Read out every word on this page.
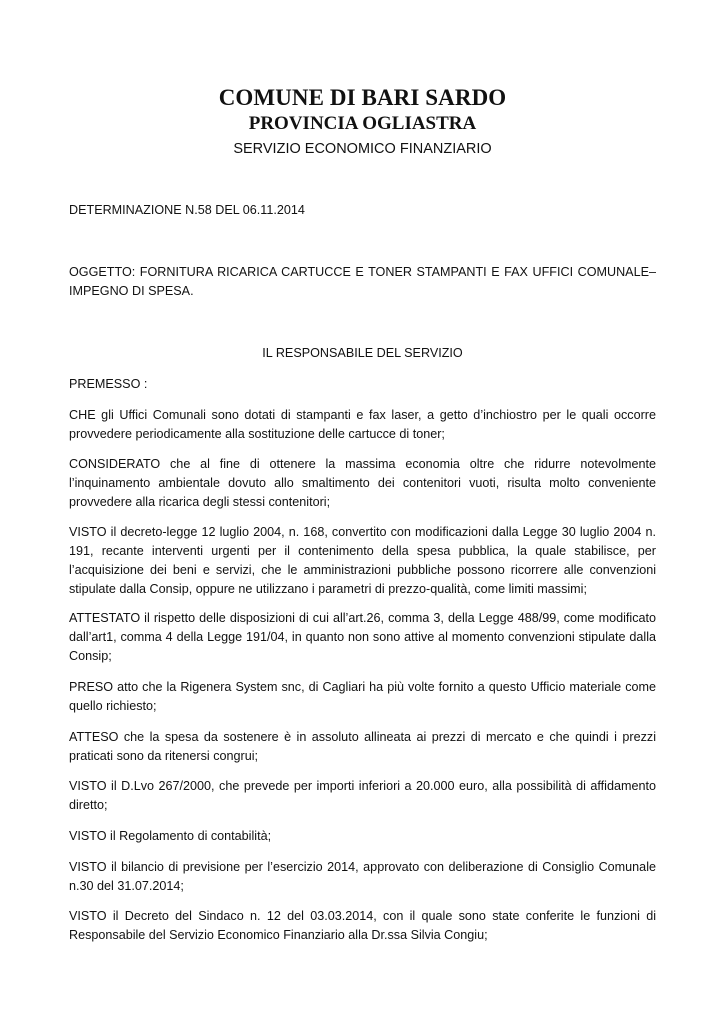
COMUNE DI BARI SARDO
PROVINCIA OGLIASTRA
SERVIZIO ECONOMICO FINANZIARIO

DETERMINAZIONE N.58 DEL 06.11.2014

OGGETTO: FORNITURA RICARICA CARTUCCE E TONER STAMPANTI E FAX UFFICI COMUNALE–IMPEGNO DI SPESA.

IL RESPONSABILE DEL SERVIZIO

PREMESSO :

CHE gli Uffici Comunali sono dotati di stampanti e fax laser, a getto d’inchiostro per le quali occorre provvedere periodicamente alla sostituzione delle cartucce di toner;

CONSIDERATO che al fine di ottenere la massima economia oltre che ridurre notevolmente l’inquinamento ambientale dovuto allo smaltimento dei contenitori vuoti, risulta molto conveniente provvedere alla ricarica degli stessi contenitori;

VISTO il decreto-legge 12 luglio 2004, n. 168, convertito con modificazioni dalla Legge 30 luglio 2004 n. 191, recante interventi urgenti per il contenimento della spesa pubblica, la quale stabilisce, per l’acquisizione dei beni e servizi, che le amministrazioni pubbliche possono ricorrere alle convenzioni stipulate dalla Consip, oppure ne utilizzano i parametri di prezzo-qualità, come limiti massimi;

ATTESTATO il rispetto delle disposizioni di cui all’art.26, comma 3, della Legge 488/99, come modificato dall’art1, comma 4 della Legge 191/04, in quanto non sono attive al momento convenzioni stipulate dalla Consip;

PRESO atto che la Rigenera System snc, di Cagliari ha più volte fornito a questo Ufficio materiale come quello richiesto;

ATTESO che la spesa da sostenere è in assoluto allineata ai prezzi di mercato e che quindi i prezzi praticati sono da ritenersi congrui;

VISTO il D.Lvo 267/2000, che prevede per importi inferiori a 20.000 euro, alla possibilità di affidamento diretto;

VISTO il Regolamento di contabilità;

VISTO il bilancio di previsione per l’esercizio 2014, approvato con deliberazione di Consiglio Comunale n.30 del 31.07.2014;

VISTO il Decreto del Sindaco n. 12 del 03.03.2014, con il quale sono state conferite le funzioni di Responsabile del Servizio Economico Finanziario alla Dr.ssa Silvia Congiu;
